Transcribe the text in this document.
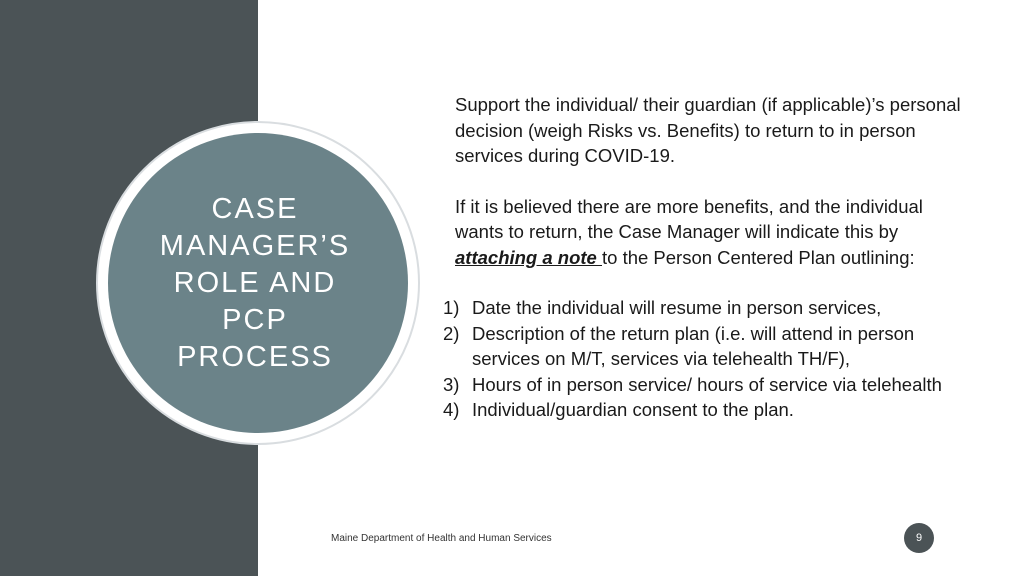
CASE
MANAGER’S
ROLE AND
PCP
PROCESS

Support the individual/ their guardian (if applicable)’s personal decision (weigh Risks vs. Benefits) to return to in person services during COVID-19.

If it is believed there are more benefits, and the individual wants to return, the Case Manager will indicate this by attaching a note to the Person Centered Plan outlining:

1) Date the individual will resume in person services,
2) Description of the return plan (i.e. will attend in person services on M/T, services via telehealth TH/F),
3) Hours of in person service/ hours of service via telehealth
4) Individual/guardian consent to the plan.
Maine Department of Health and Human Services	9
